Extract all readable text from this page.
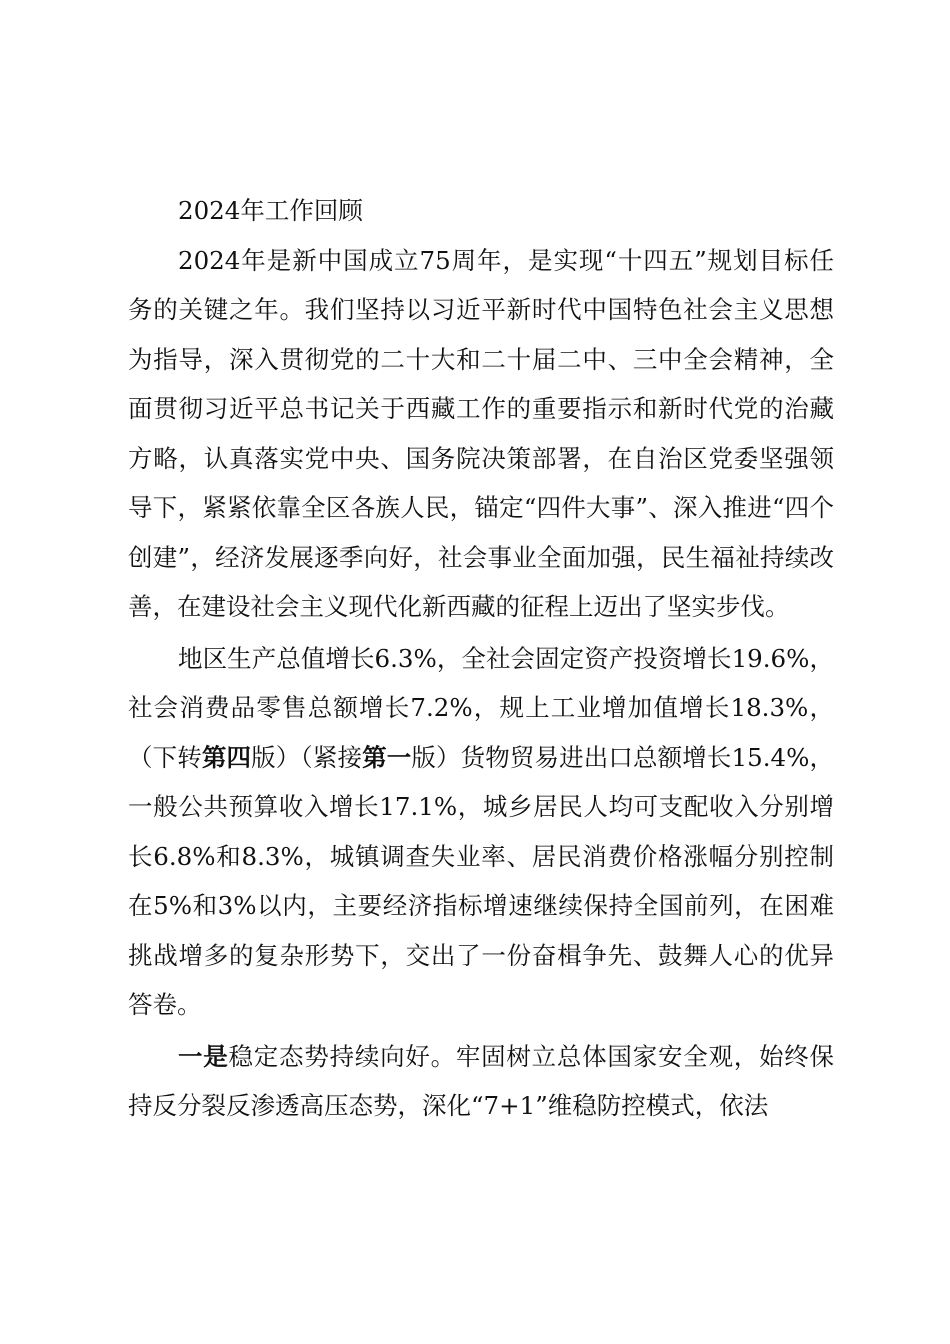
2024年工作回顾

2024年是新中国成立75周年，是实现“十四五”规划目标任务的关键之年。我们坚持以习近平新时代中国特色社会主义思想为指导，深入贯彻党的二十大和二十届二中、三中全会精神，全面贯彻习近平总书记关于西藏工作的重要指示和新时代党的治藏方略，认真落实党中央、国务院决策部署，在自治区党委坚强领导下，紧紧依靠全区各族人民，锚定“四件大事”、深入推进“四个创建”，经济发展逐季向好，社会事业全面加强，民生福祉持续改善，在建设社会主义现代化新西藏的征程上迈出了坚实步伐。

地区生产总值增长6.3%，全社会固定资产投资增长19.6%，社会消费品零售总额增长7.2%，规上工业增加值增长18.3%，（下转第四版）（紧接第一版）货物贸易进出口总额增长15.4%，一般公共预算收入增长17.1%，城乡居民人均可支配收入分别增长6.8%和8.3%，城镇调查失业率、居民消费价格涨幅分别控制在5%和3%以内，主要经济指标增速继续保持全国前列，在困难挑战增多的复杂形势下，交出了一份奋楫争先、鼓舞人心的优异答卷。

一是稳定态势持续向好。牢固树立总体国家安全观，始终保持反分裂反渗透高压态势，深化“7+1”维稳防控模式，依法
